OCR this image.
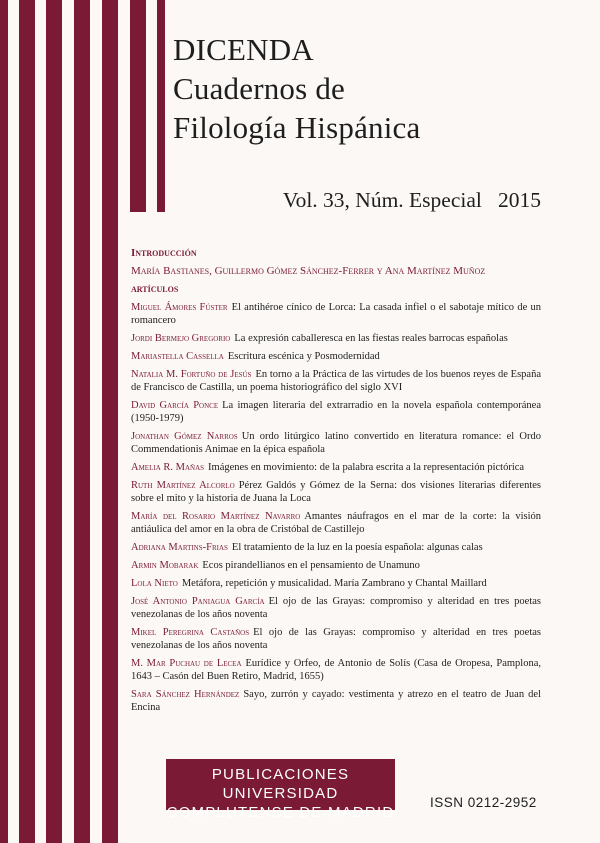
DICENDA
Cuadernos de
Filología Hispánica
Vol. 33, Núm. Especial   2015
Introducción
María Bastianes, Guillermo Gómez Sánchez-Ferrer y Ana Martínez Muñoz
artículos
Miguel Ámores Fúster El antihéroe cínico de Lorca: La casada infiel o el sabotaje mítico de un romancero
Jordi Bermejo Gregorio La expresión caballeresca en las fiestas reales barrocas españolas
Mariastella Cassella Escritura escénica y Posmodernidad
Natalia M. Fortuño de Jesús En torno a la Práctica de las virtudes de los buenos reyes de España de Francisco de Castilla, un poema historiográfico del siglo XVI
David García Ponce La imagen literaria del extrarradio en la novela española contemporánea (1950-1979)
Jonathan Gómez Narros Un ordo litúrgico latino convertido en literatura romance: el Ordo Commendationis Animae en la épica española
Amelia R. Mañas Imágenes en movimiento: de la palabra escrita a la representación pictórica
Ruth Martínez Alcorlo Pérez Galdós y Gómez de la Serna: dos visiones literarias diferentes sobre el mito y la historia de Juana la Loca
María del Rosario Martínez Navarro Amantes náufragos en el mar de la corte: la visión antiáulica del amor en la obra de Cristóbal de Castillejo
Adriana Martins-Frias El tratamiento de la luz en la poesía española: algunas calas
Armin Mobarak Ecos pirandellianos en el pensamiento de Unamuno
Lola Nieto Metáfora, repetición y musicalidad. María Zambrano y Chantal Maillard
José Antonio Paniagua García El ojo de las Grayas: compromiso y alteridad en tres poetas venezolanas de los años noventa
Mikel Peregrina Castaños El ojo de las Grayas: compromiso y alteridad en tres poetas venezolanas de los años noventa
M. Mar Puchau de Lecea Eurídice y Orfeo, de Antonio de Solís (Casa de Oropesa, Pamplona, 1643 – Casón del Buen Retiro, Madrid, 1655)
Sara Sánchez Hernández Sayo, zurrón y cayado: vestimenta y atrezo en el teatro de Juan del Encina
PUBLICACIONES UNIVERSIDAD
COMPLUTENSE DE MADRID
ISSN 0212-2952
